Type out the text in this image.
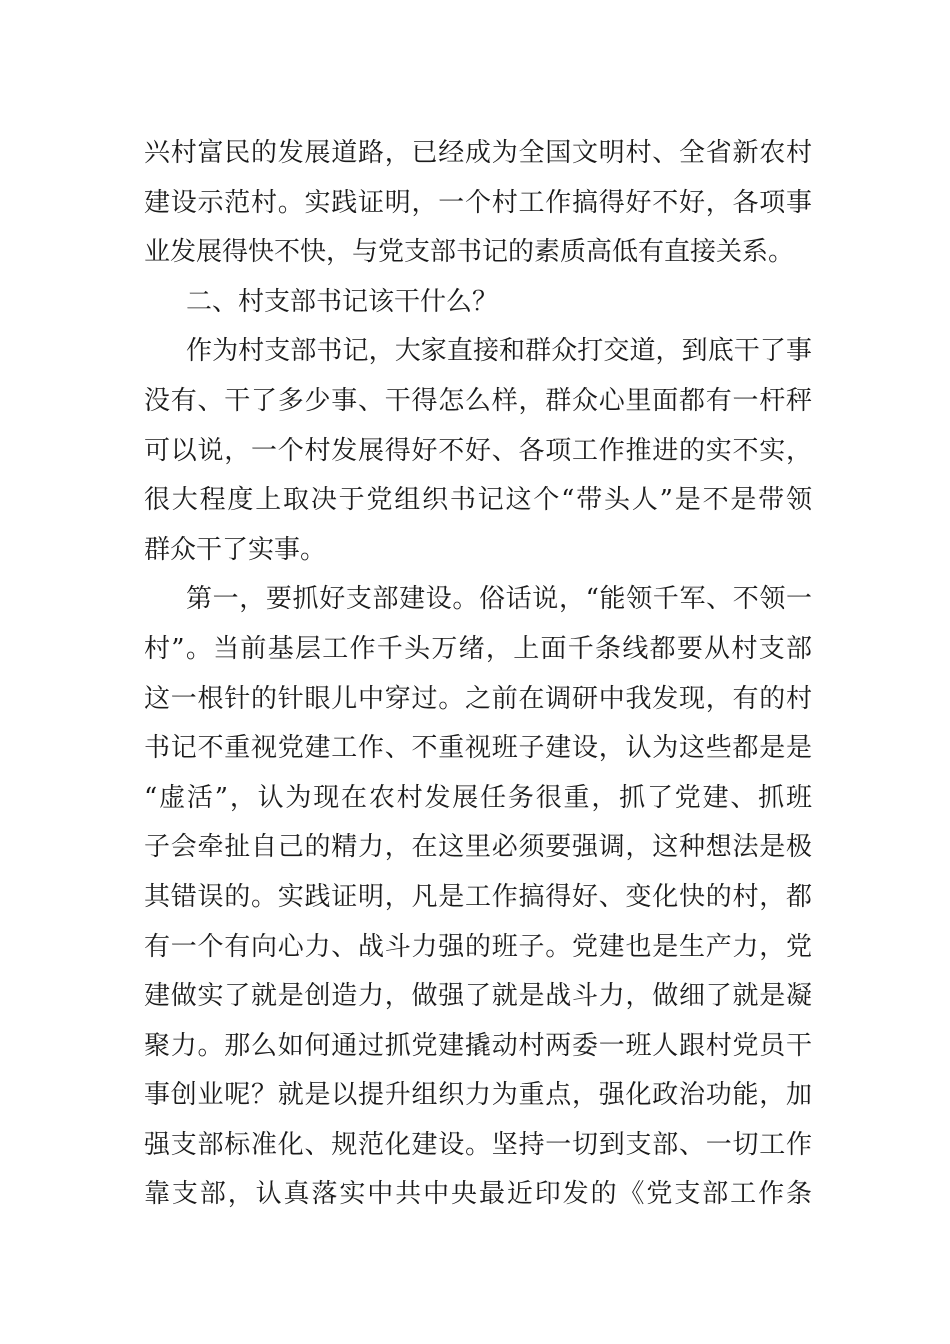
兴村富民的发展道路，已经成为全国文明村、全省新农村
建设示范村。实践证明，一个村工作搞得好不好，各项事
业发展得快不快，与党支部书记的素质高低有直接关系。
二、村支部书记该干什么？
作为村支部书记，大家直接和群众打交道，到底干了事
没有、干了多少事、干得怎么样，群众心里面都有一杆秤
可以说，一个村发展得好不好、各项工作推进的实不实，
很大程度上取决于党组织书记这个“带头人”是不是带领
群众干了实事。
第一，要抓好支部建设。俗话说，“能领千军、不领一
村”。当前基层工作千头万绪，上面千条线都要从村支部
这一根针的针眼儿中穿过。之前在调研中我发现，有的村
书记不重视党建工作、不重视班子建设，认为这些都是是
“虚活”，认为现在农村发展任务很重，抓了党建、抓班
子会牵扯自己的精力，在这里必须要强调，这种想法是极
其错误的。实践证明，凡是工作搞得好、变化快的村，都
有一个有向心力、战斗力强的班子。党建也是生产力，党
建做实了就是创造力，做强了就是战斗力，做细了就是凝
聚力。那么如何通过抓党建撬动村两委一班人跟村党员干
事创业呢？就是以提升组织力为重点，强化政治功能，加
强支部标准化、规范化建设。坚持一切到支部、一切工作
靠支部，认真落实中共中央最近印发的《党支部工作条
